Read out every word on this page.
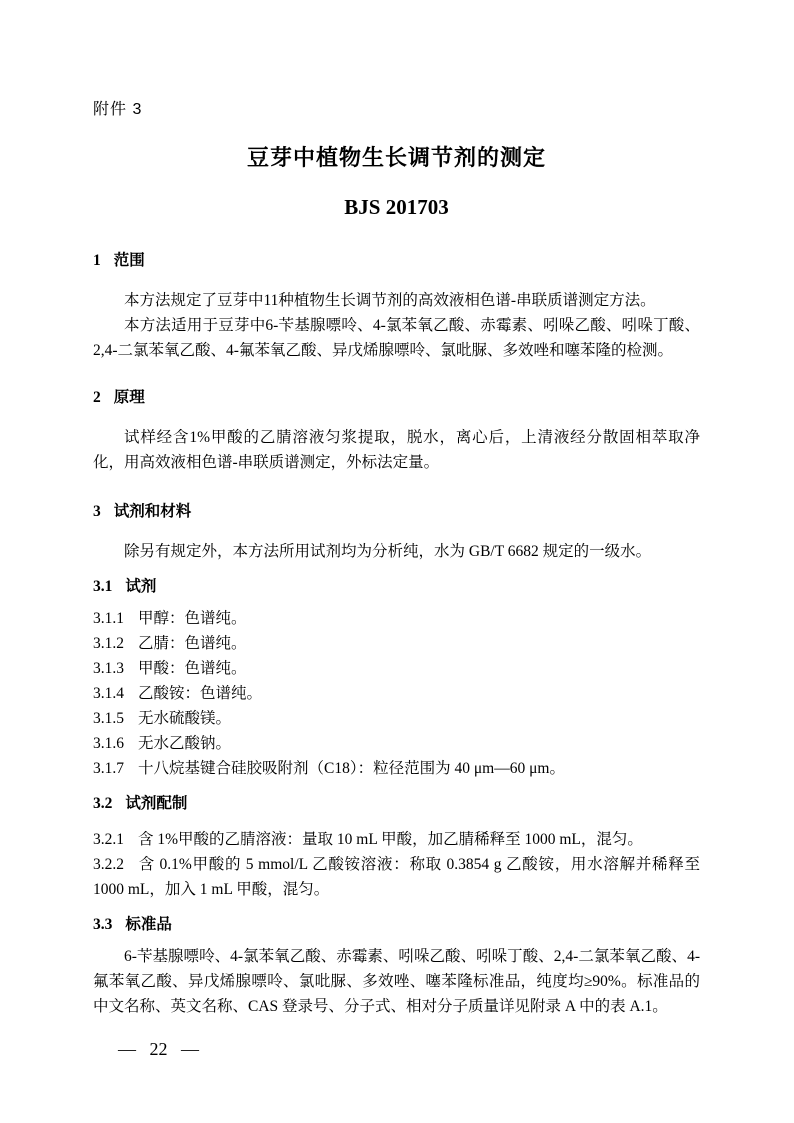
附件 3
豆芽中植物生长调节剂的测定
BJS 201703
1 范围

本方法规定了豆芽中11种植物生长调节剂的高效液相色谱-串联质谱测定方法。

本方法适用于豆芽中6-苄基腺嘌呤、4-氯苯氧乙酸、赤霉素、吲哚乙酸、吲哚丁酸、2,4-二氯苯氧乙酸、4-氟苯氧乙酸、异戊烯腺嘌呤、氯吡脲、多效唑和噻苯隆的检测。

2 原理

试样经含1%甲酸的乙腈溶液匀浆提取，脱水，离心后，上清液经分散固相萃取净化，用高效液相色谱-串联质谱测定，外标法定量。

3 试剂和材料

除另有规定外，本方法所用试剂均为分析纯，水为 GB/T 6682 规定的一级水。

3.1 试剂

3.1.1 甲醇：色谱纯。

3.1.2 乙腈：色谱纯。

3.1.3 甲酸：色谱纯。

3.1.4 乙酸铵：色谱纯。

3.1.5 无水硫酸镁。

3.1.6 无水乙酸钠。

3.1.7 十八烷基键合硅胶吸附剂（C18）：粒径范围为 40 μm—60 μm。

3.2 试剂配制

3.2.1 含 1%甲酸的乙腈溶液：量取 10 mL 甲酸，加乙腈稀释至 1000 mL，混匀。

3.2.2 含 0.1%甲酸的 5 mmol/L 乙酸铵溶液：称取 0.3854 g 乙酸铵，用水溶解并稀释至 1000 mL，加入 1 mL 甲酸，混匀。

3.3 标准品

6-苄基腺嘌呤、4-氯苯氧乙酸、赤霉素、吲哚乙酸、吲哚丁酸、2,4-二氯苯氧乙酸、4-氟苯氧乙酸、异戊烯腺嘌呤、氯吡脲、多效唑、噻苯隆标准品，纯度均≥90%。标准品的中文名称、英文名称、CAS 登录号、分子式、相对分子质量详见附录 A 中的表 A.1。

— 22 —
